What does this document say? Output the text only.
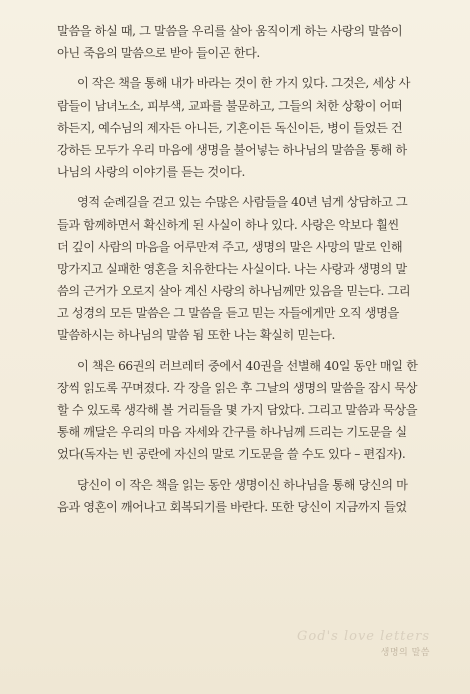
말씀을 하실 때, 그 말씀을 우리를 살아 움직이게 하는 사랑의 말씀이
아닌 죽음의 말씀으로 받아 들이곤 한다.
이 작은 책을 통해 내가 바라는 것이 한 가지 있다. 그것은, 세상 사
람들이 남녀노소, 피부색, 교파를 불문하고, 그들의 처한 상황이 어떠
하든지, 예수님의 제자든 아니든, 기혼이든 독신이든, 병이 들었든 건
강하든 모두가 우리 마음에 생명을 불어넣는 하나님의 말씀을 통해 하
나님의 사랑의 이야기를 듣는 것이다.
영적 순례길을 걷고 있는 수많은 사람들을 40년 넘게 상담하고 그
들과 함께하면서 확신하게 된 사실이 하나 있다. 사랑은 악보다 훨씬
더 깊이 사람의 마음을 어루만져 주고, 생명의 말은 사망의 말로 인해
망가지고 실패한 영혼을 치유한다는 사실이다. 나는 사랑과 생명의 말
씀의 근거가 오로지 살아 계신 사랑의 하나님께만 있음을 믿는다. 그리
고 성경의 모든 말씀은 그 말씀을 듣고 믿는 자들에게만 오직 생명을
말씀하시는 하나님의 말씀 됨 또한 나는 확실히 믿는다.
이 책은 66권의 러브레터 중에서 40권을 선별해 40일 동안 매일 한
장씩 읽도록 꾸며졌다. 각 장을 읽은 후 그날의 생명의 말씀을 잠시 묵상
할 수 있도록 생각해 볼 거리들을 몇 가지 담았다. 그리고 말씀과 묵상을
통해 깨달은 우리의 마음 자세와 간구를 하나님께 드리는 기도문을 실
었다(독자는 빈 공란에 자신의 말로 기도문을 쓸 수도 있다 – 편집자).
당신이 이 작은 책을 읽는 동안 생명이신 하나님을 통해 당신의 마
음과 영혼이 깨어나고 회복되기를 바란다. 또한 당신이 지금까지 들었
God's love letters
생명의 말씀
